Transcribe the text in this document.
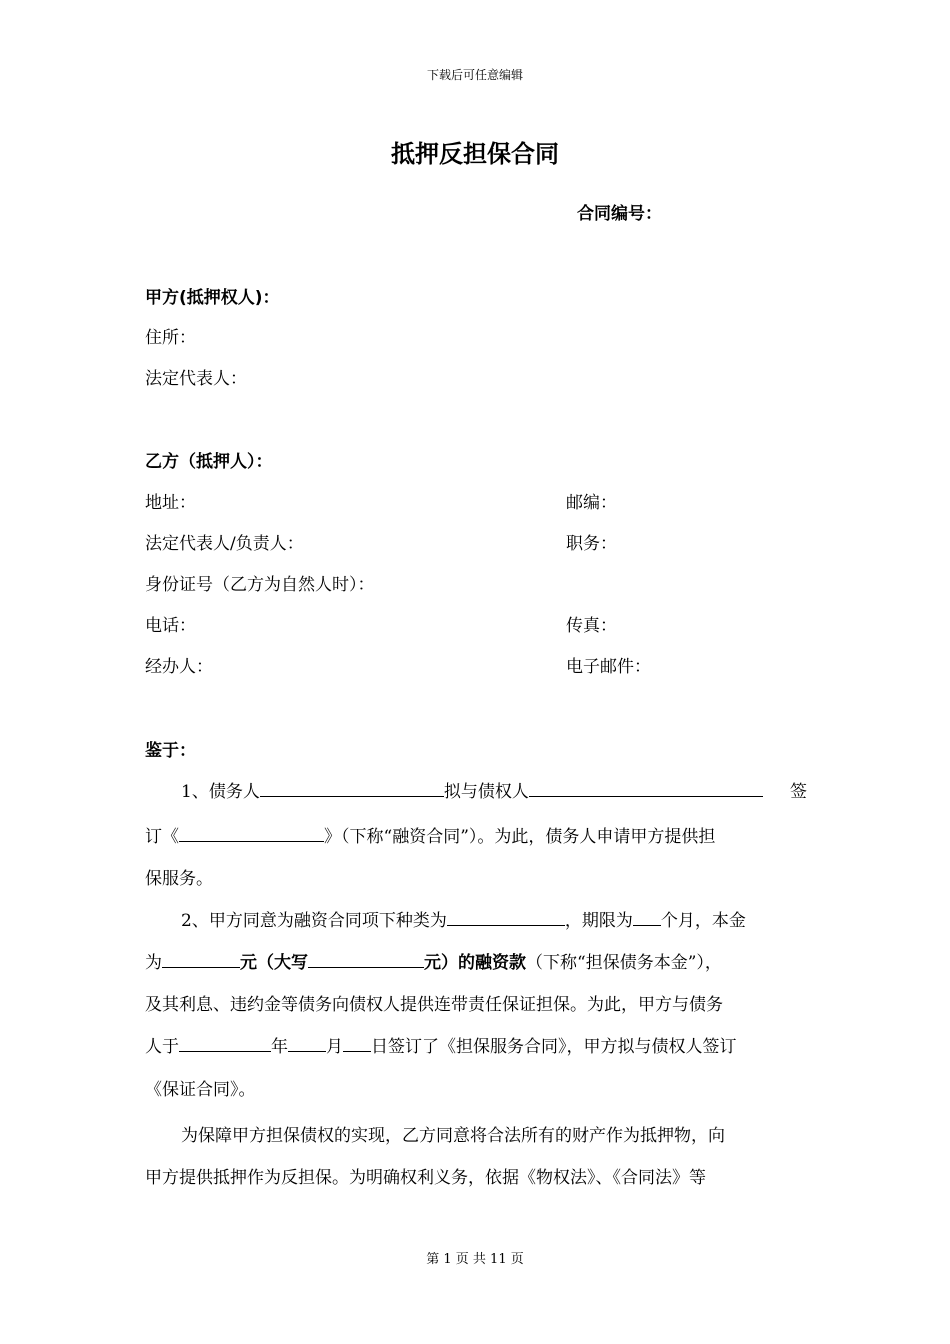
下载后可任意编辑
抵押反担保合同
合同编号：
甲方(抵押权人)：
住所：
法定代表人：
乙方（抵押人）：
地址：	邮编：
法定代表人/负责人：	职务：
身份证号（乙方为自然人时）：
电话：	传真：
经办人：	电子邮件：
鉴于：
1、债务人	拟与债权人	签
订《	》（下称“融资合同”）。为此，债务人申请甲方提供担
保服务。
2、甲方同意为融资合同项下种类为	，期限为 个月，本金
为	元（大写	元）的融资款（下称“担保债务本金”），
及其利息、违约金等债务向债权人提供连带责任保证担保。为此，甲方与债务
人于	年 月 日签订了《担保服务合同》，甲方拟与债权人签订
《保证合同》。
为保障甲方担保债权的实现，乙方同意将合法所有的财产作为抵押物，向
甲方提供抵押作为反担保。为明确权利义务，依据《物权法》、《合同法》等
第 1 页 共 11 页
